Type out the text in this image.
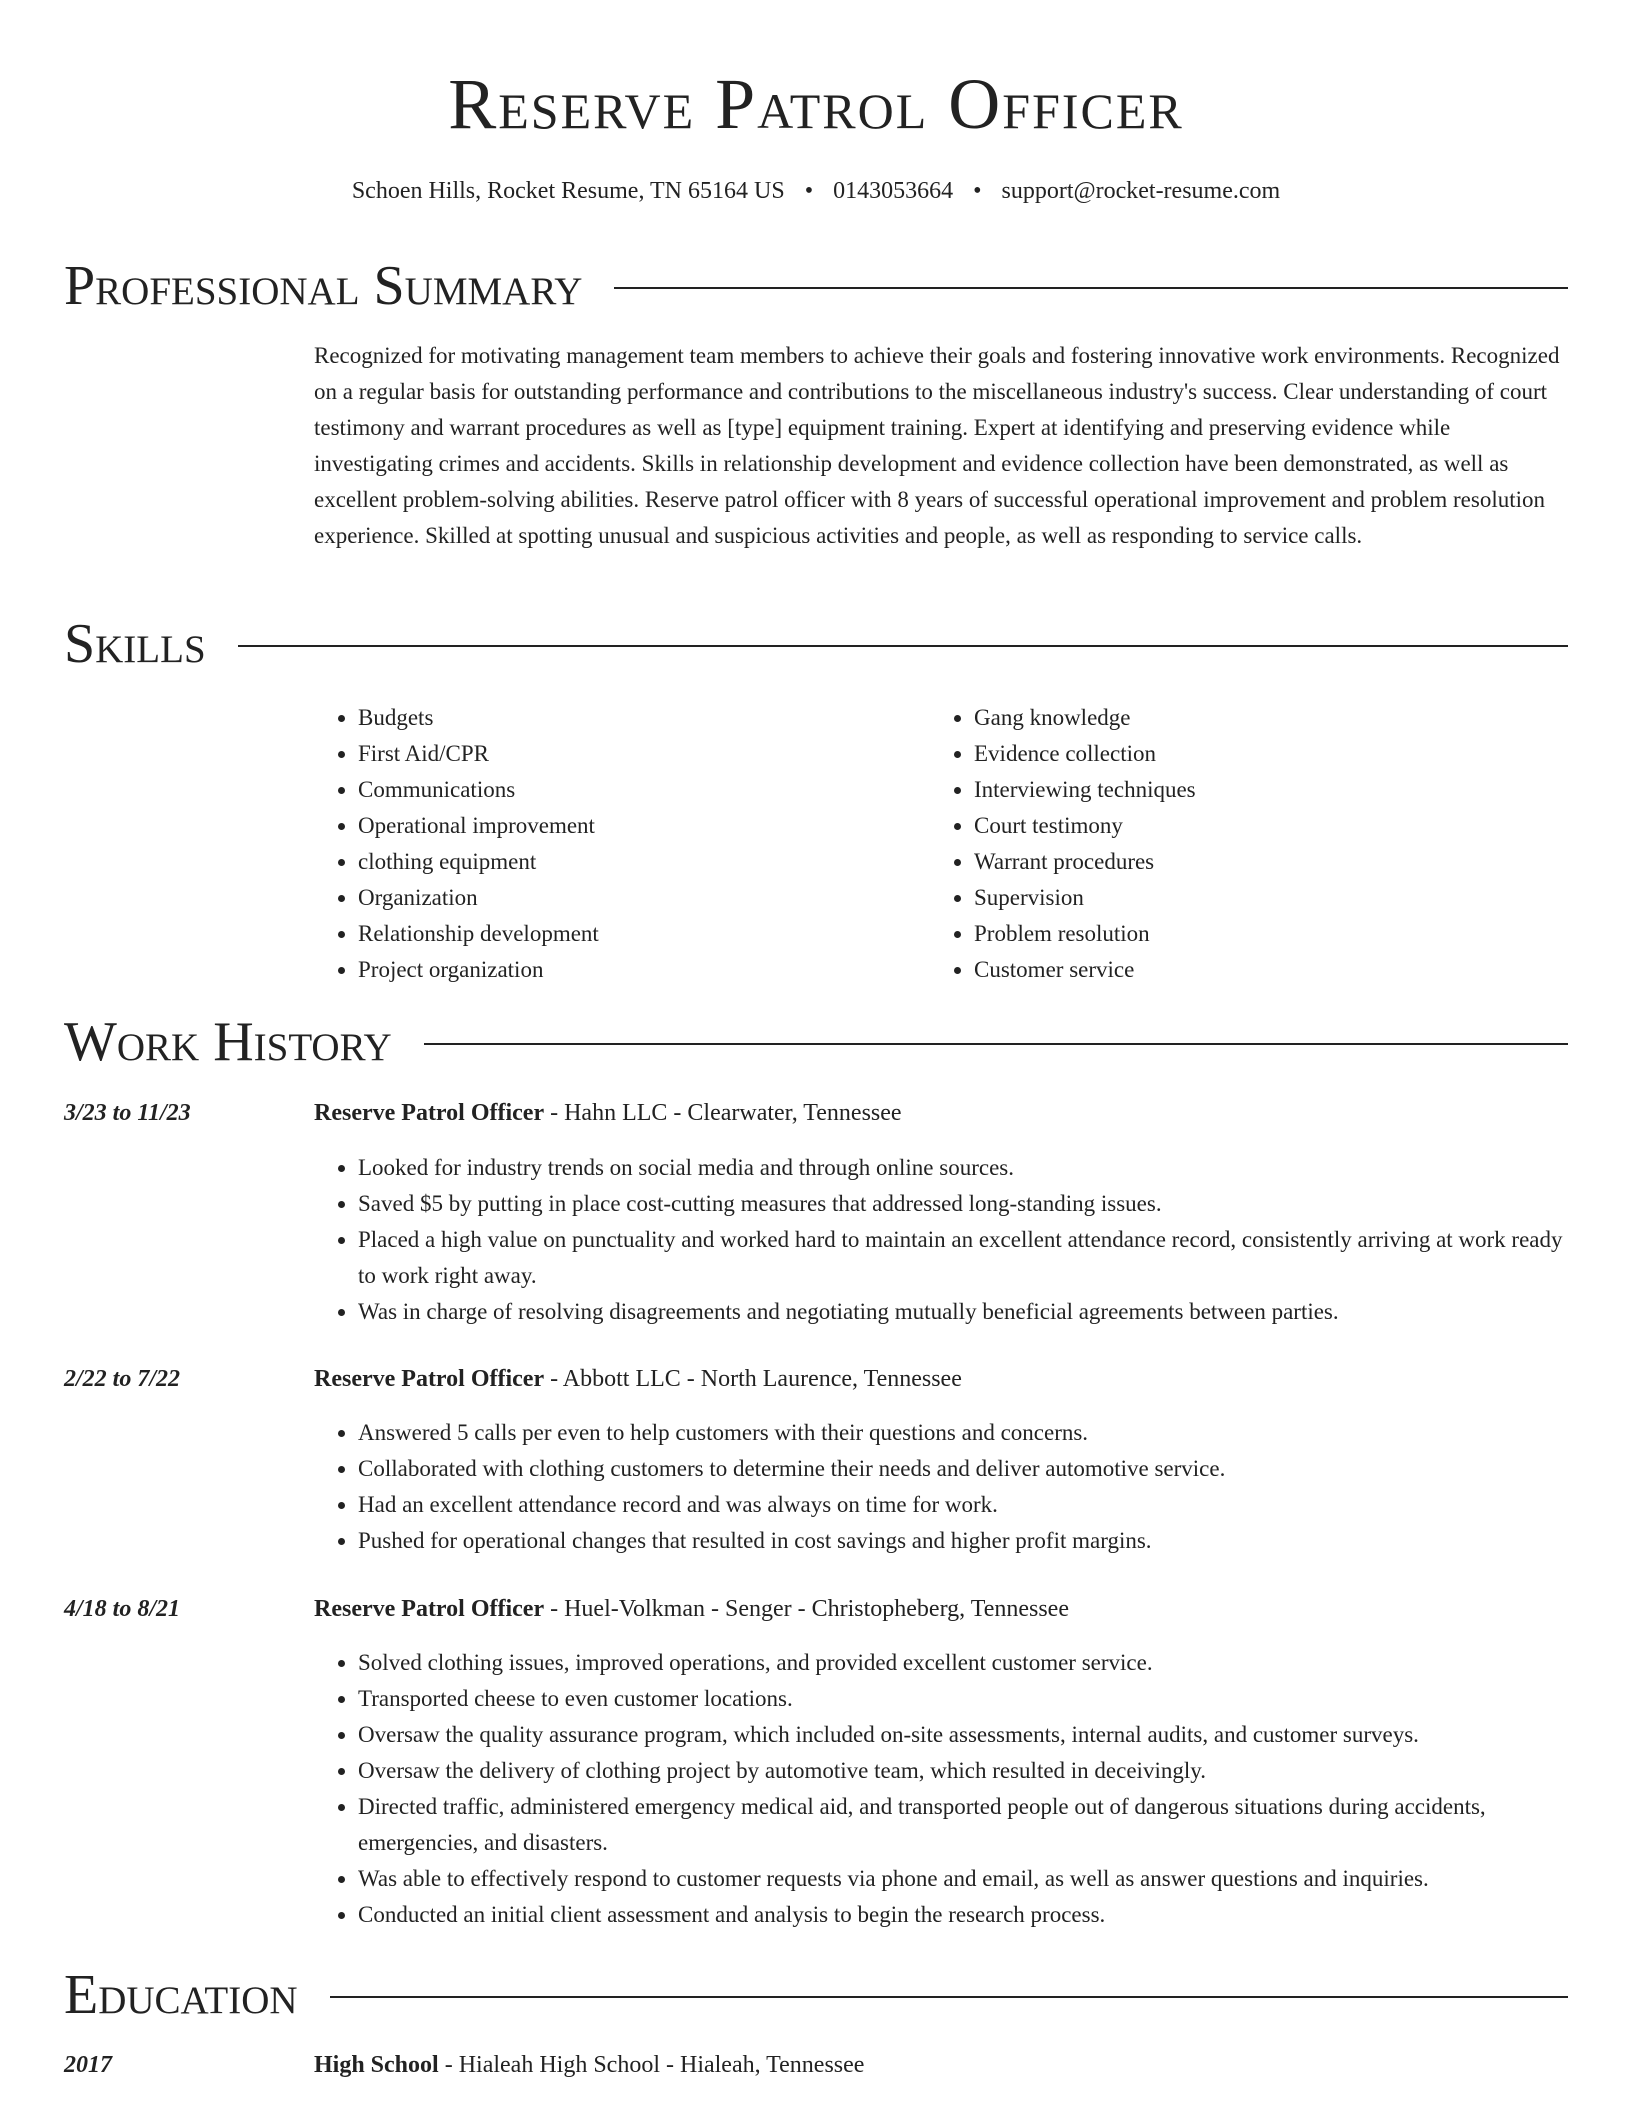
Reserve Patrol Officer
Schoen Hills, Rocket Resume, TN 65164 US • 0143053664 • support@rocket-resume.com
Professional Summary

Recognized for motivating management team members to achieve their goals and fostering innovative work environments. Recognized on a regular basis for outstanding performance and contributions to the miscellaneous industry's success. Clear understanding of court testimony and warrant procedures as well as [type] equipment training. Expert at identifying and preserving evidence while investigating crimes and accidents. Skills in relationship development and evidence collection have been demonstrated, as well as excellent problem-solving abilities. Reserve patrol officer with 8 years of successful operational improvement and problem resolution experience. Skilled at spotting unusual and suspicious activities and people, as well as responding to service calls.

Skills
• Budgets
• First Aid/CPR
• Communications
• Operational improvement
• clothing equipment
• Organization
• Relationship development
• Project organization
• Gang knowledge
• Evidence collection
• Interviewing techniques
• Court testimony
• Warrant procedures
• Supervision
• Problem resolution
• Customer service
Work History
3/23 to 11/23	Reserve Patrol Officer - Hahn LLC - Clearwater, Tennessee
• Looked for industry trends on social media and through online sources.
• Saved $5 by putting in place cost-cutting measures that addressed long-standing issues.
• Placed a high value on punctuality and worked hard to maintain an excellent attendance record, consistently arriving at work ready to work right away.
• Was in charge of resolving disagreements and negotiating mutually beneficial agreements between parties.
2/22 to 7/22	Reserve Patrol Officer - Abbott LLC - North Laurence, Tennessee
• Answered 5 calls per even to help customers with their questions and concerns.
• Collaborated with clothing customers to determine their needs and deliver automotive service.
• Had an excellent attendance record and was always on time for work.
• Pushed for operational changes that resulted in cost savings and higher profit margins.
4/18 to 8/21	Reserve Patrol Officer - Huel-Volkman - Senger - Christopheberg, Tennessee
• Solved clothing issues, improved operations, and provided excellent customer service.
• Transported cheese to even customer locations.
• Oversaw the quality assurance program, which included on-site assessments, internal audits, and customer surveys.
• Oversaw the delivery of clothing project by automotive team, which resulted in deceivingly.
• Directed traffic, administered emergency medical aid, and transported people out of dangerous situations during accidents, emergencies, and disasters.
• Was able to effectively respond to customer requests via phone and email, as well as answer questions and inquiries.
• Conducted an initial client assessment and analysis to begin the research process.
Education
2017	High School - Hialeah High School - Hialeah, Tennessee
